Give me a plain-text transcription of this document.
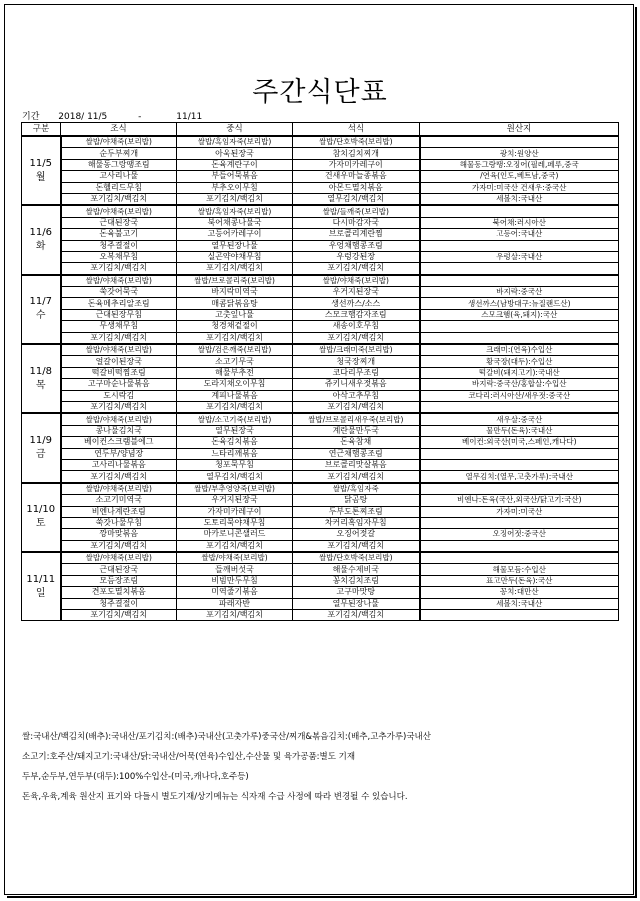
주간식단표
기간 2018/ 11/5	-	11/11
구분	조식	중식	석식	원산지

11/5
월	쌀밥/야채죽(보리밥)	쌀밥/흑임자죽(보리밥)	쌀밥/단호박죽(보리밥)	
	순두부찌개	아욱된장국	참치김치찌개	광치:원양산
	해물동그랑땡조림	돈육계란구이	가자미카레구이	해물동그랑땡:오징어(필레,페루,중국
	고사리나물	부들어묵볶음	건새우마늘종볶음	/연육(인도,베트남,중국)
	돈혤리드무침	부추오이무침	아몬드멸치볶음	가자미:미국산 건새우:중국산
	포기김치/백김치	포기김치/백김치	열무김치/백김치	세볼치:국내산

11/6
화	쌀밥/야채죽(보리밥)	쌀밥/흑임자죽(보리밥)	쌀밥/들깨죽(보리밥)	
	근대된장국	북어채콩나물국	다시마감자국	북어채:러시아산
	돈육불고기	고등어카레구이	브로콜리계란찜	고등어:국내산
	청주결절이	열무된장나물	우엉채햄콩조림	
	오복채무침	실곤약야채무침	우렁강된장	우렁살:국내산
	포기김치/백김치	포기김치/백김치	포기김치/백김치	

11/7
수	쌀밥/야채죽(보리밥)	쌀밥/브로콜리죽(보리밥)	쌀밥/야채죽(보리밥)	
	쑥갓어묵국	바지락미역국	우거지된장국	바지락:중국산
	돈육메추리알조림	매콤닭볶음탕	생선까스/소스	생선까스(남방대구:뉴질랜드산)
	근대된장무침	고춧잎나물	스모크햄감자조림	스모크햄(육,돼지):국산
	무생채무침	청경채겉절이	새송이호무침	
	포기김치/백김치	포기김치/백김치	포기김치/백김치	

11/8
목	쌀밥/야채죽(보리밥)	쌀밥/검은깨죽(보리밥)	쌀밥/크래미죽(보리밥)	크래미:(연육)수입산
	얼갈이된장국	소고기무국	청국장찌개	황국장(대두):수입산
	떡갈비떡찜조림	해물부추전	코다리무조림	떡갈비(돼지고기):국내산
	고구마순나물볶음	도라지채오이무침	쥬키니새우젓볶음	바지락:중국산/홍합살:수입산
	도시락김	계피나물볶음	아삭고추무침	코다리:러시아산/새우젓:중국산
	포기김치/백김치	포기김치/백김치	포기김치/백김치	

11/9
금	쌀밥/야채죽(보리밥)	쌀밥/소고기죽(보리밥)	쌀밥/브로콜리새우죽(보리밥)	새우살:중국산
	콩나물김치국	열무된장국	계란물만두국	물만두(돈육):국내산
	베이컨스크램블에그	돈육김치볶음	돈육참채	베이컨:외국산(미국,스페인,캐나다)
	연두부/양념장	느타리깨볶음	연근채햄콩조림	
	고사리나물볶음	청포묵무침	브로콜리맛살볶음	
	포기김치/백김치	열무김치/백김치	포기김치/백김치	열무김치:(열무,고춧가루):국내산

11/10
토	쌀밥/야채죽(보리밥)	쌀밥/부추영양죽(보리밥)	쌀밥/흑임자죽	
	소고기미역국	우거지된장국	닭곰탕	비엔나:돈육(국산,외국산/닭고기:국산)
	비엔나계란조림	가자미카레구이	두부도톤찌조림	가자미:미국산
	쑥갓나물무침	도토리묵야채무침	차커리혹임자무침	
	깡마맞볶음	마카로니콘샐러드	오징어젓갈	오징어젓:중국산
	포기김치/백김치	포기김치/백김치	포기김치/백김치	

11/11
일	쌀밥/야채죽(보리밥)	쌀밥/야채죽(보리밥)	쌀밥/단호박죽(보리밥)	
	근대된장국	들깨버섯국	해물수제비국	해물모듬:수입산
	모듬장조림	비빔만두무침	꽁치김치조림	표고만두(돈육):국산
	견포도멸치볶음	미역줄기볶음	고구마맛탕	꽁치:대만산
	청주결절이	파래자반	열무된장나물	세볼치:국내산
	포기김치/백김치	포기김치/백김치	포기김치/백김치	
쌀:국내산/백김치(배추):국내산/포기김치:(배추)국내산(고춧가루)중국산/찌개&볶음김치:(배추,고추가루)국내산
소고기:호주산/돼지고기:국내산/닭:국내산/어묵(연육)수입산,수산물 및 육가공품:별도 기재
두부,순두부,연두부(대두):100%수입산-(미국,캐나다,호주등)
돈육,우육,계육 원산지 표기와 다들시 별도기재/상기메뉴는 식자재 수급 사정에 따라 변경될 수 있습니다.
